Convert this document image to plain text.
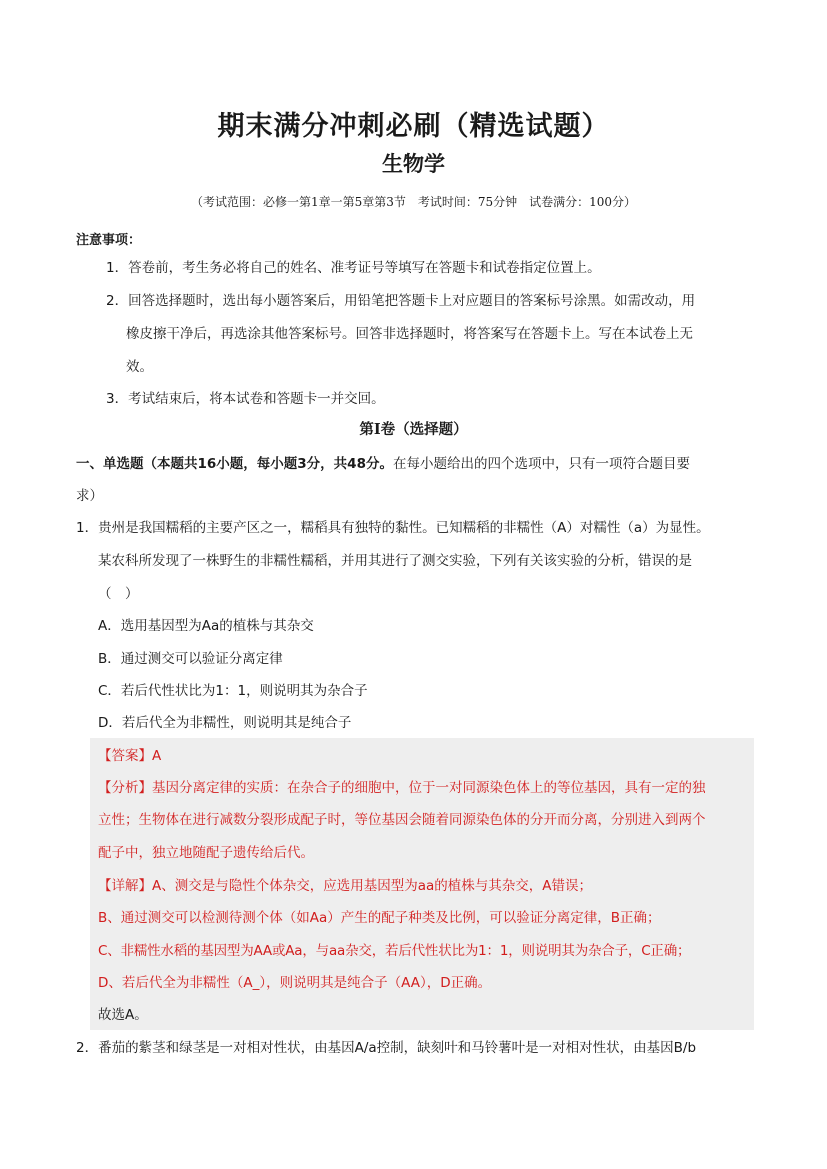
期末满分冲刺必刷（精选试题）
生物学
（考试范围：必修一第1章一第5章第3节　考试时间：75分钟　试卷满分：100分）
注意事项：
1．答卷前，考生务必将自己的姓名、准考证号等填写在答题卡和试卷指定位置上。
2．回答选择题时，选出每小题答案后，用铅笔把答题卡上对应题目的答案标号涂黑。如需改动，用
橡皮擦干净后，再选涂其他答案标号。回答非选择题时，将答案写在答题卡上。写在本试卷上无
效。
3．考试结束后，将本试卷和答题卡一并交回。
第Ⅰ卷（选择题）
一、单选题（本题共16小题，每小题3分，共48分。在每小题给出的四个选项中，只有一项符合题目要
求）
1．贵州是我国糯稻的主要产区之一，糯稻具有独特的黏性。已知糯稻的非糯性（A）对糯性（a）为显性。
某农科所发现了一株野生的非糯性糯稻，并用其进行了测交实验，下列有关该实验的分析，错误的是
（　）
A．选用基因型为Aa的植株与其杂交
B．通过测交可以验证分离定律
C．若后代性状比为1：1，则说明其为杂合子
D．若后代全为非糯性，则说明其是纯合子
【答案】A
【分析】基因分离定律的实质：在杂合子的细胞中，位于一对同源染色体上的等位基因，具有一定的独
立性；生物体在进行减数分裂形成配子时，等位基因会随着同源染色体的分开而分离，分别进入到两个
配子中，独立地随配子遗传给后代。
【详解】A、测交是与隐性个体杂交，应选用基因型为aa的植株与其杂交，A错误；
B、通过测交可以检测待测个体（如Aa）产生的配子种类及比例，可以验证分离定律，B正确；
C、非糯性水稻的基因型为AA或Aa，与aa杂交，若后代性状比为1：1，则说明其为杂合子，C正确；
D、若后代全为非糯性（A_），则说明其是纯合子（AA），D正确。
故选A。
2．番茄的紫茎和绿茎是一对相对性状，由基因A/a控制，缺刻叶和马铃薯叶是一对相对性状，由基因B/b
